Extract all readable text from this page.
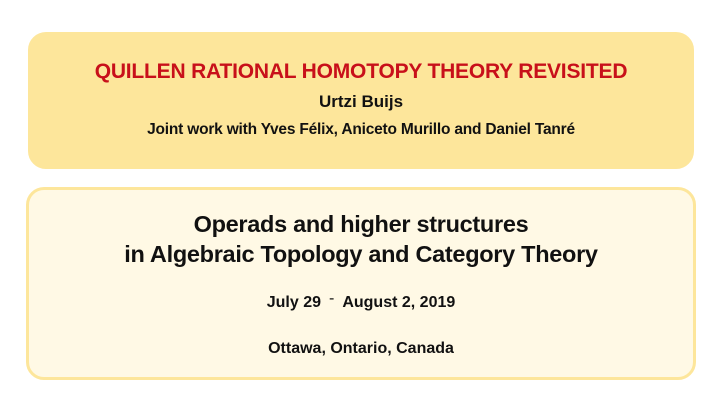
QUILLEN RATIONAL HOMOTOPY THEORY REVISITED
Urtzi Buijs
Joint work with Yves Félix, Aniceto Murillo and Daniel Tanré
Operads and higher structures
in Algebraic Topology and Category Theory
July 29 - August 2, 2019
Ottawa, Ontario, Canada
